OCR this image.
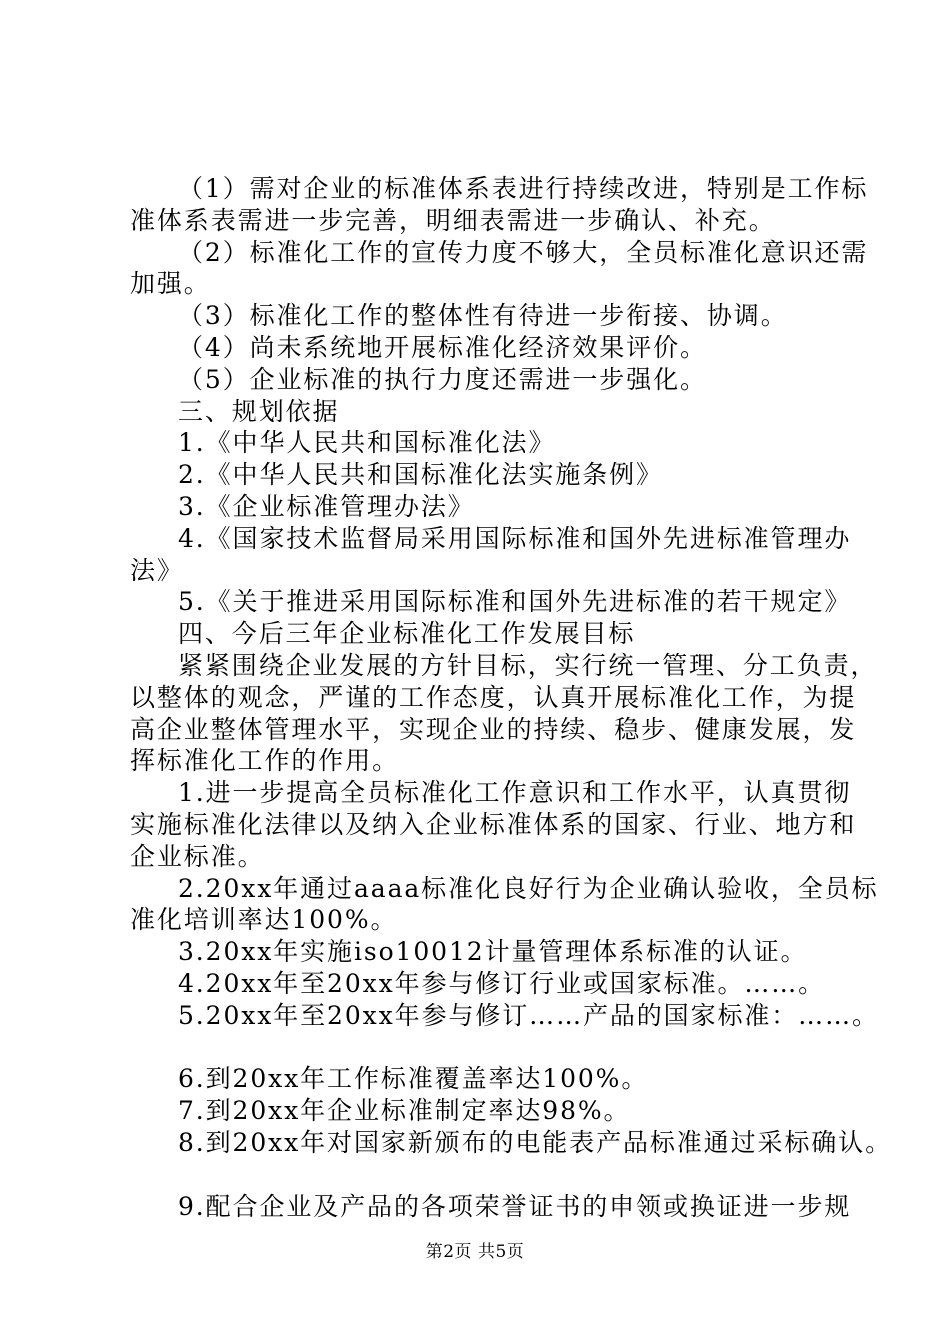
（1）需对企业的标准体系表进行持续改进，特别是工作标
准体系表需进一步完善，明细表需进一步确认、补充。
（2）标准化工作的宣传力度不够大，全员标准化意识还需
加强。
（3）标准化工作的整体性有待进一步衔接、协调。
（4）尚未系统地开展标准化经济效果评价。
（5）企业标准的执行力度还需进一步强化。
三、规划依据
1.《中华人民共和国标准化法》
2.《中华人民共和国标准化法实施条例》
3.《企业标准管理办法》
4.《国家技术监督局采用国际标准和国外先进标准管理办
法》
5.《关于推进采用国际标准和国外先进标准的若干规定》
四、今后三年企业标准化工作发展目标
紧紧围绕企业发展的方针目标，实行统一管理、分工负责，
以整体的观念，严谨的工作态度，认真开展标准化工作，为提
高企业整体管理水平，实现企业的持续、稳步、健康发展，发
挥标准化工作的作用。
1.进一步提高全员标准化工作意识和工作水平，认真贯彻
实施标准化法律以及纳入企业标准体系的国家、行业、地方和
企业标准。
2.20xx年通过aaaa标准化良好行为企业确认验收，全员标
准化培训率达100%。
3.20xx年实施iso10012计量管理体系标准的认证。
4.20xx年至20xx年参与修订行业或国家标准。……。
5.20xx年至20xx年参与修订……产品的国家标准：……。
6.到20xx年工作标准覆盖率达100%。
7.到20xx年企业标准制定率达98%。
8.到20xx年对国家新颁布的电能表产品标准通过采标确认。
9.配合企业及产品的各项荣誉证书的申领或换证进一步规
第2页 共5页
